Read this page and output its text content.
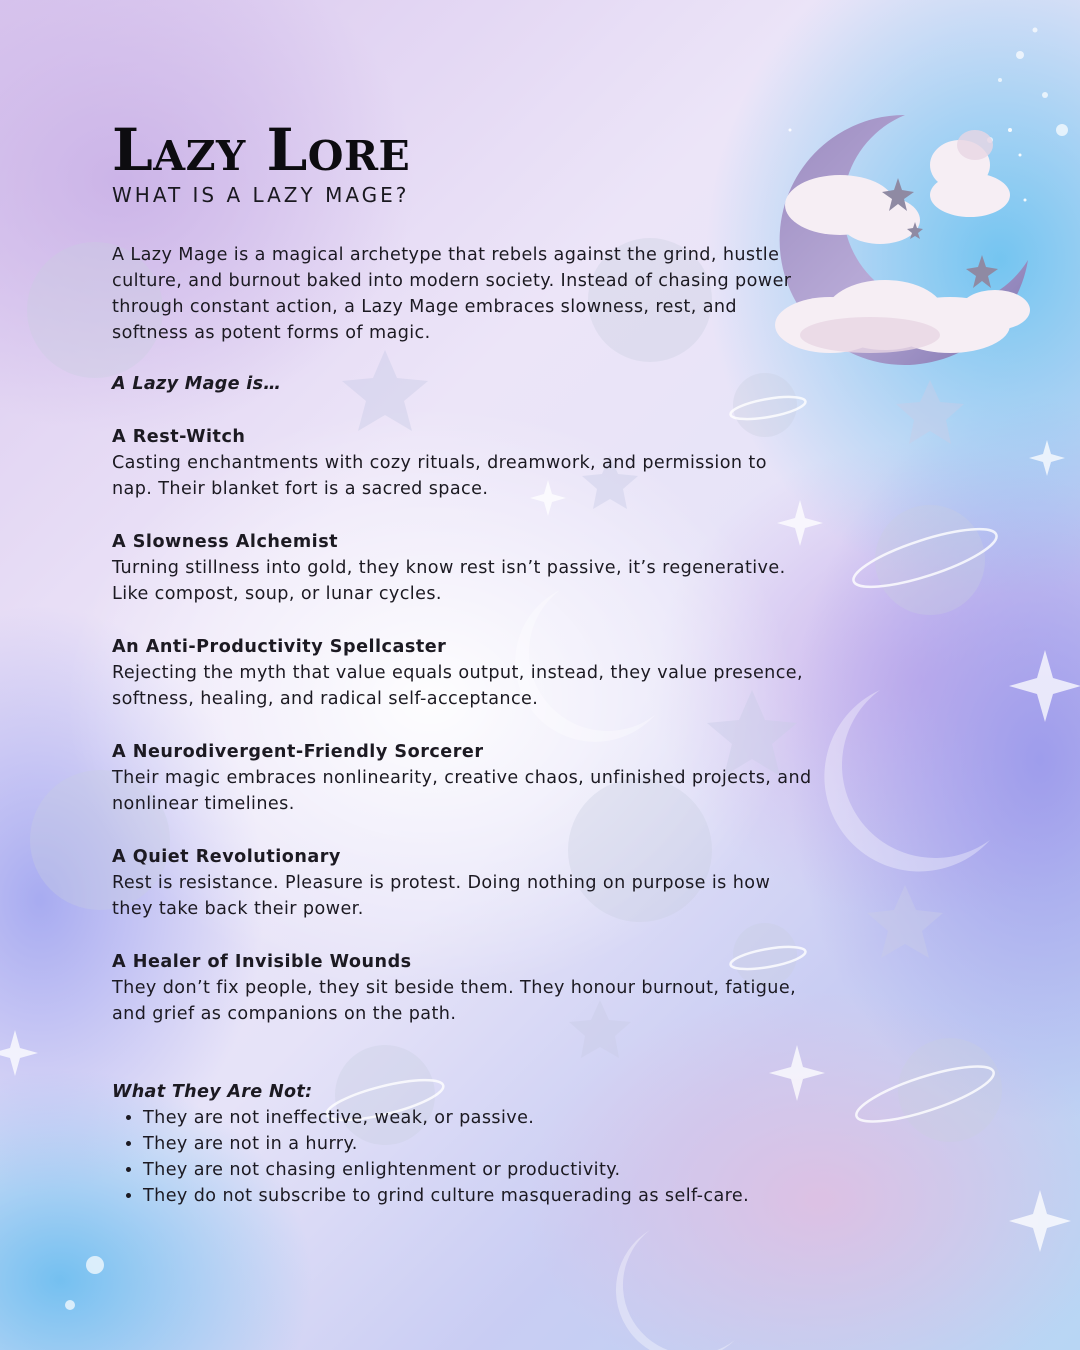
Lazy Lore

WHAT IS A LAZY MAGE?

A Lazy Mage is a magical archetype that rebels against the grind, hustle culture, and burnout baked into modern society. Instead of chasing power through constant action, a Lazy Mage embraces slowness, rest, and softness as potent forms of magic.

A Lazy Mage is…

A Rest-Witch

Casting enchantments with cozy rituals, dreamwork, and permission to nap. Their blanket fort is a sacred space.

A Slowness Alchemist

Turning stillness into gold, they know rest isn’t passive, it’s regenerative. Like compost, soup, or lunar cycles.

An Anti-Productivity Spellcaster

Rejecting the myth that value equals output, instead, they value presence, softness, healing, and radical self-acceptance.

A Neurodivergent-Friendly Sorcerer

Their magic embraces nonlinearity, creative chaos, unfinished projects, and nonlinear timelines.

A Quiet Revolutionary

Rest is resistance. Pleasure is protest. Doing nothing on purpose is how they take back their power.

A Healer of Invisible Wounds

They don’t fix people, they sit beside them. They honour burnout, fatigue, and grief as companions on the path.

What They Are Not:

• They are not ineffective, weak, or passive.
• They are not in a hurry.
• They are not chasing enlightenment or productivity.
• They do not subscribe to grind culture masquerading as self-care.
